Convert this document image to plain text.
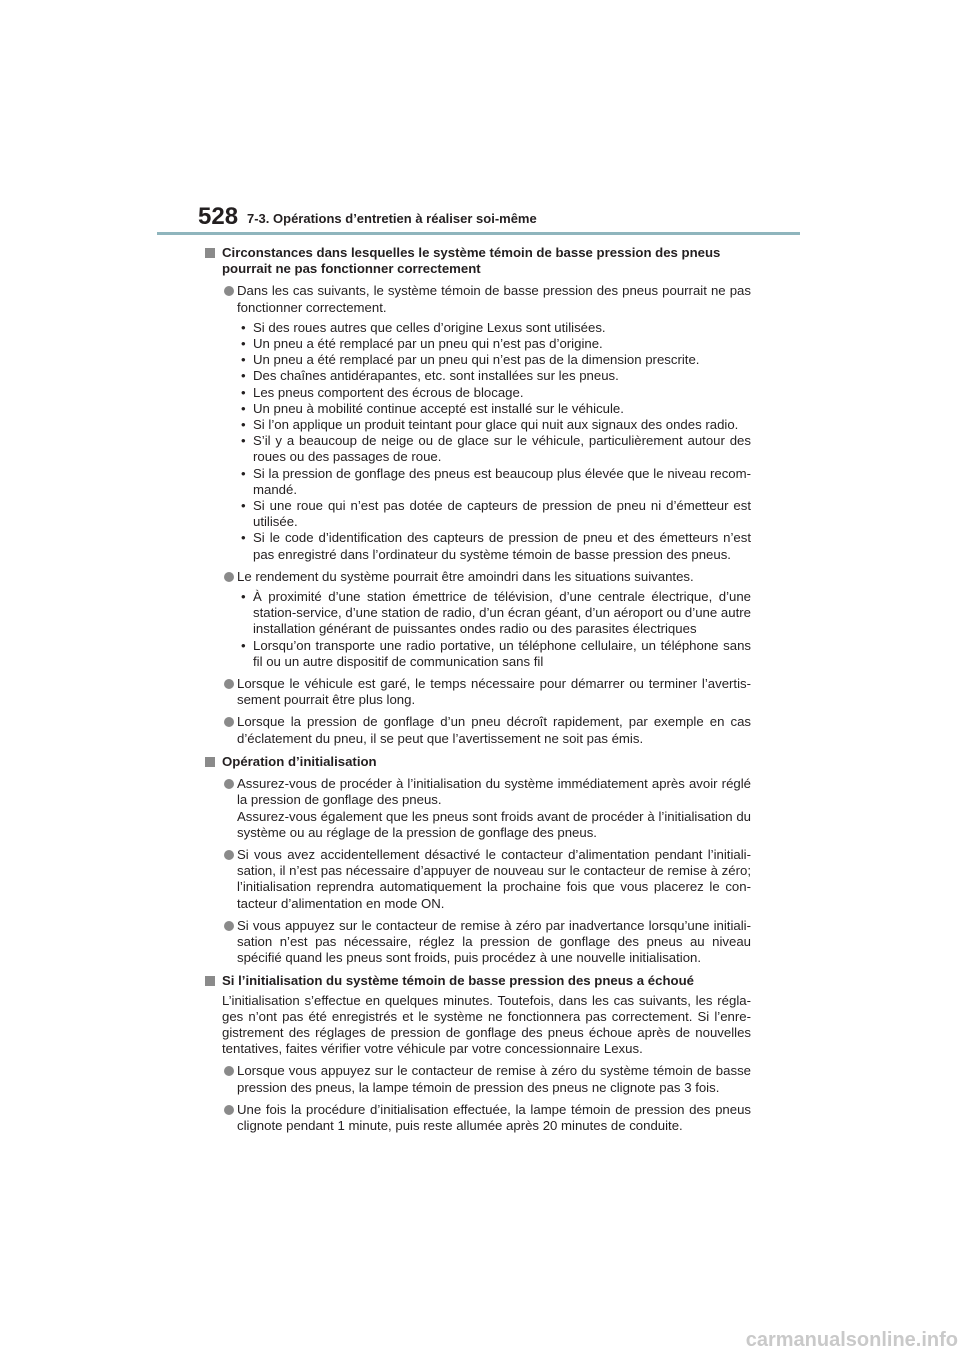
528 7-3. Opérations d’entretien à réaliser soi-même
Circonstances dans lesquelles le système témoin de basse pression des pneus pourrait ne pas fonctionner correctement
Dans les cas suivants, le système témoin de basse pression des pneus pourrait ne pas fonctionner correctement.
• Si des roues autres que celles d’origine Lexus sont utilisées.
• Un pneu a été remplacé par un pneu qui n’est pas d’origine.
• Un pneu a été remplacé par un pneu qui n’est pas de la dimension prescrite.
• Des chaînes antidérapantes, etc. sont installées sur les pneus.
• Les pneus comportent des écrous de blocage.
• Un pneu à mobilité continue accepté est installé sur le véhicule.
• Si l’on applique un produit teintant pour glace qui nuit aux signaux des ondes radio.
• S’il y a beaucoup de neige ou de glace sur le véhicule, particulièrement autour des roues ou des passages de roue.
• Si la pression de gonflage des pneus est beaucoup plus élevée que le niveau recom-mandé.
• Si une roue qui n’est pas dotée de capteurs de pression de pneu ni d’émetteur est utilisée.
• Si le code d’identification des capteurs de pression de pneu et des émetteurs n’est pas enregistré dans l’ordinateur du système témoin de basse pression des pneus.
Le rendement du système pourrait être amoindri dans les situations suivantes.
• À proximité d’une station émettrice de télévision, d’une centrale électrique, d’une station-service, d’une station de radio, d’un écran géant, d’un aéroport ou d’une autre installation générant de puissantes ondes radio ou des parasites électriques
• Lorsqu’on transporte une radio portative, un téléphone cellulaire, un téléphone sans fil ou un autre dispositif de communication sans fil
Lorsque le véhicule est garé, le temps nécessaire pour démarrer ou terminer l’avertis-sement pourrait être plus long.
Lorsque la pression de gonflage d’un pneu décroît rapidement, par exemple en cas d’éclatement du pneu, il se peut que l’avertissement ne soit pas émis.
Opération d’initialisation
Assurez-vous de procéder à l’initialisation du système immédiatement après avoir réglé la pression de gonflage des pneus.
Assurez-vous également que les pneus sont froids avant de procéder à l’initialisation du système ou au réglage de la pression de gonflage des pneus.
Si vous avez accidentellement désactivé le contacteur d’alimentation pendant l’initiali-sation, il n’est pas nécessaire d’appuyer de nouveau sur le contacteur de remise à zéro; l’initialisation reprendra automatiquement la prochaine fois que vous placerez le con-tacteur d’alimentation en mode ON.
Si vous appuyez sur le contacteur de remise à zéro par inadvertance lorsqu’une initiali-sation n’est pas nécessaire, réglez la pression de gonflage des pneus au niveau spécifié quand les pneus sont froids, puis procédez à une nouvelle initialisation.
Si l’initialisation du système témoin de basse pression des pneus a échoué
L’initialisation s’effectue en quelques minutes. Toutefois, dans les cas suivants, les régla-ges n’ont pas été enregistrés et le système ne fonctionnera pas correctement. Si l’enre-gistrement des réglages de pression de gonflage des pneus échoue après de nouvelles tentatives, faites vérifier votre véhicule par votre concessionnaire Lexus.
Lorsque vous appuyez sur le contacteur de remise à zéro du système témoin de basse pression des pneus, la lampe témoin de pression des pneus ne clignote pas 3 fois.
Une fois la procédure d’initialisation effectuée, la lampe témoin de pression des pneus clignote pendant 1 minute, puis reste allumée après 20 minutes de conduite.
carmanualsonline.info
